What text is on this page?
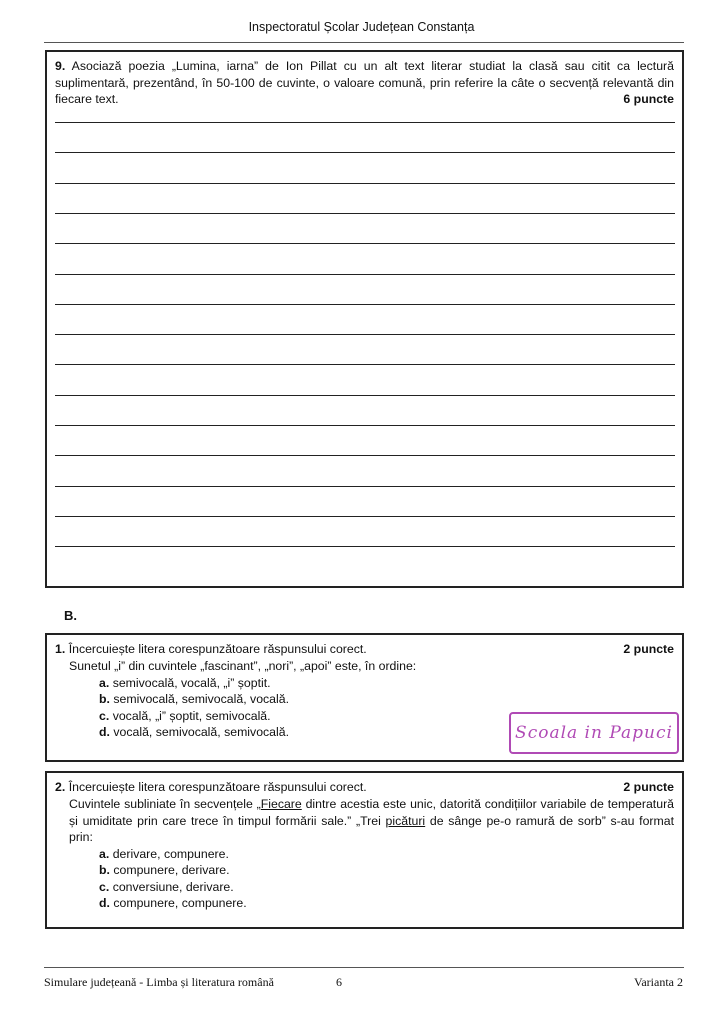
Inspectoratul Școlar Județean Constanța
9. Asociază poezia „Lumina, iarna” de Ion Pillat cu un alt text literar studiat la clasă sau citit ca lectură suplimentară, prezentând, în 50-100 de cuvinte, o valoare comună, prin referire la câte o secvență relevantă din fiecare text.	6 puncte
B.
1. Încercuiește litera corespunzătoare răspunsului corect.	2 puncte
Sunetul „i” din cuvintele „fascinant”, „nori”, „apoi” este, în ordine:
a. semivocală, vocală, „i” șoptit.
b. semivocală, semivocală, vocală.
c. vocală, „i” șoptit, semivocală.
d. vocală, semivocală, semivocală.	Scoala in Papuci
2. Încercuiește litera corespunzătoare răspunsului corect.	2 puncte
Cuvintele subliniate în secvențele „Fiecare dintre acestia este unic, datorită condițiilor variabile de temperatură și umiditate prin care trece în timpul formării sale.” „Trei picături de sânge pe-o ramură de sorb” s-au format prin:
a. derivare, compunere.
b. compunere, derivare.
c. conversiune, derivare.
d. compunere, compunere.
Simulare județeană - Limba și literatura română	6	Varianta 2
